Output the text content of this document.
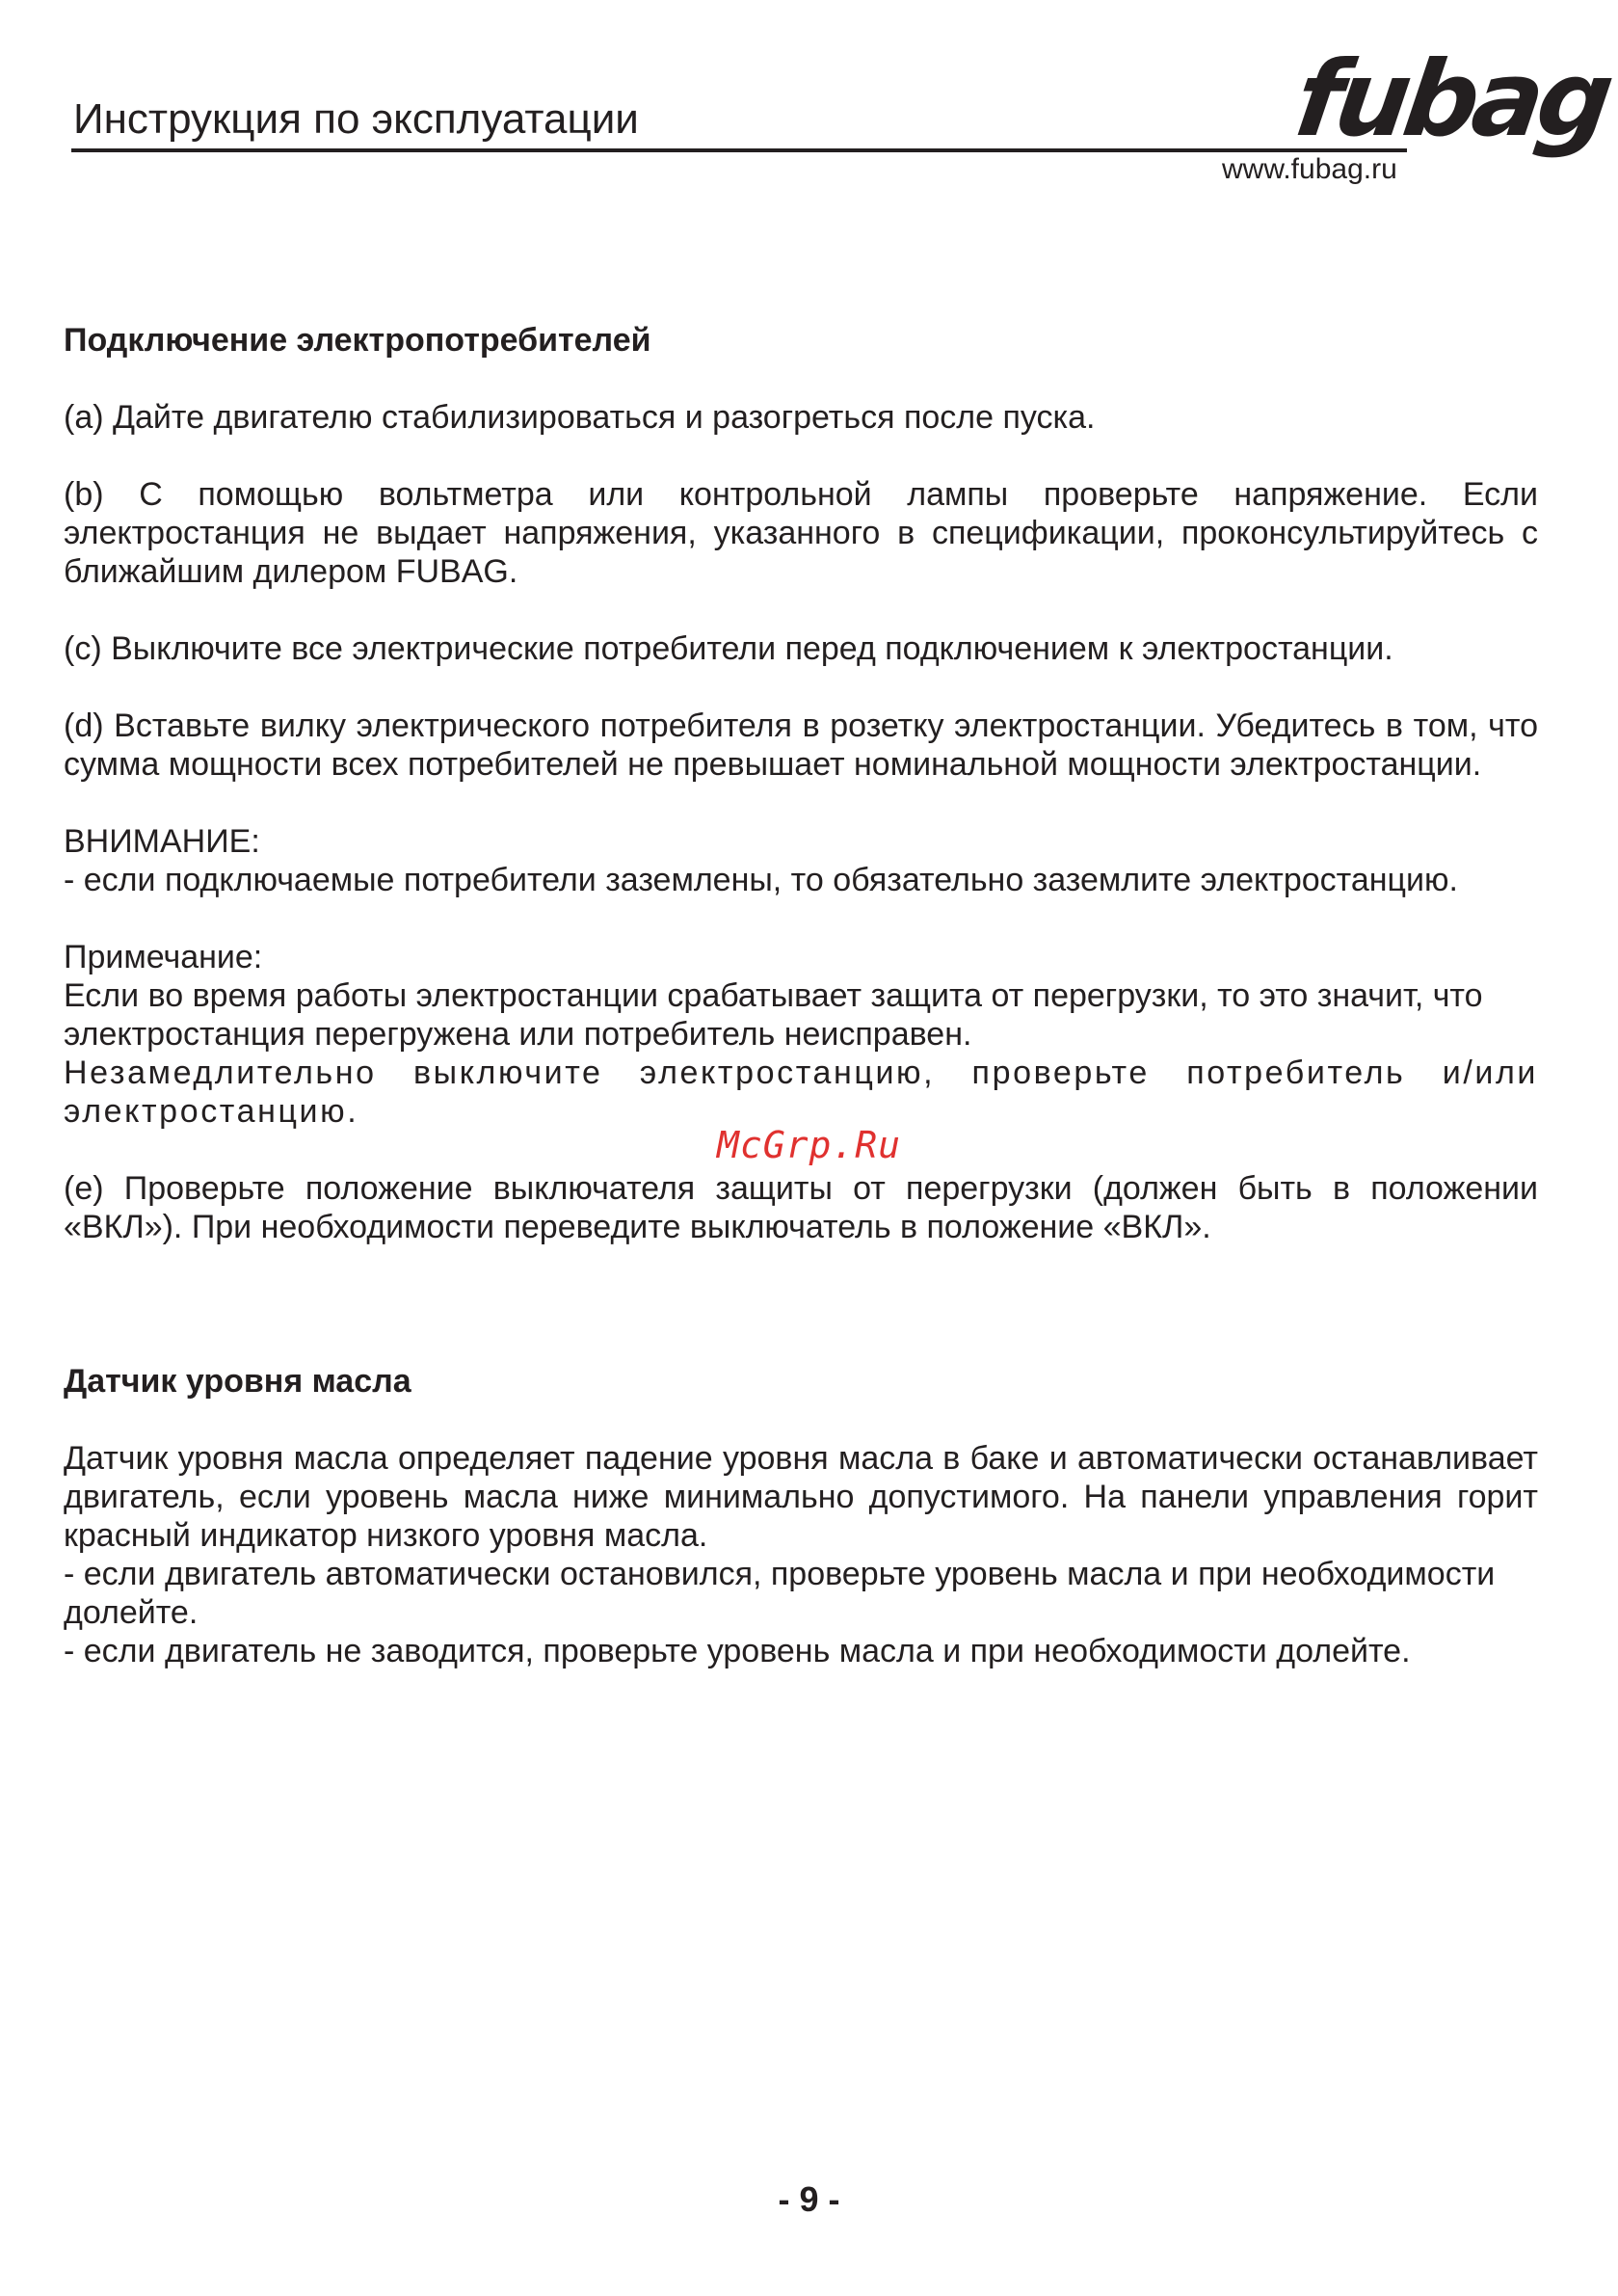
Инструкция по эксплуатации	fubag
www.fubag.ru
Подключение электропотребителей

(a) Дайте двигателю стабилизироваться и разогреться после пуска.

(b) С помощью вольтметра или контрольной лампы проверьте напряжение. Если электростанция не выдает напряжения, указанного в спецификации, проконсультируйтесь с ближайшим дилером FUBAG.

(c) Выключите все электрические потребители перед подключением к электростанции.

(d) Вставьте вилку электрического потребителя в розетку электростанции. Убедитесь в том, что сумма мощности всех потребителей не превышает номинальной мощности электростанции.

ВНИМАНИЕ:

- если подключаемые потребители заземлены, то обязательно заземлите электростанцию.

Примечание:

Если во время работы электростанции срабатывает защита от перегрузки, то это значит, что электростанция перегружена или потребитель неисправен.

Незамедлительно выключите электростанцию, проверьте потребитель и/или электростанцию.

(e) Проверьте положение выключателя защиты от перегрузки (должен быть в положении «ВКЛ»). При необходимости переведите выключатель в положение «ВКЛ».

Датчик уровня масла

Датчик уровня масла определяет падение уровня масла в баке и автоматически останавливает двигатель, если уровень масла ниже минимально допустимого. На панели управления горит красный индикатор низкого уровня масла.

- если двигатель автоматически остановился, проверьте уровень масла и при необходимости долейте.

- если двигатель не заводится, проверьте уровень масла и при необходимости долейте.

McGrp.Ru
- 9 -
